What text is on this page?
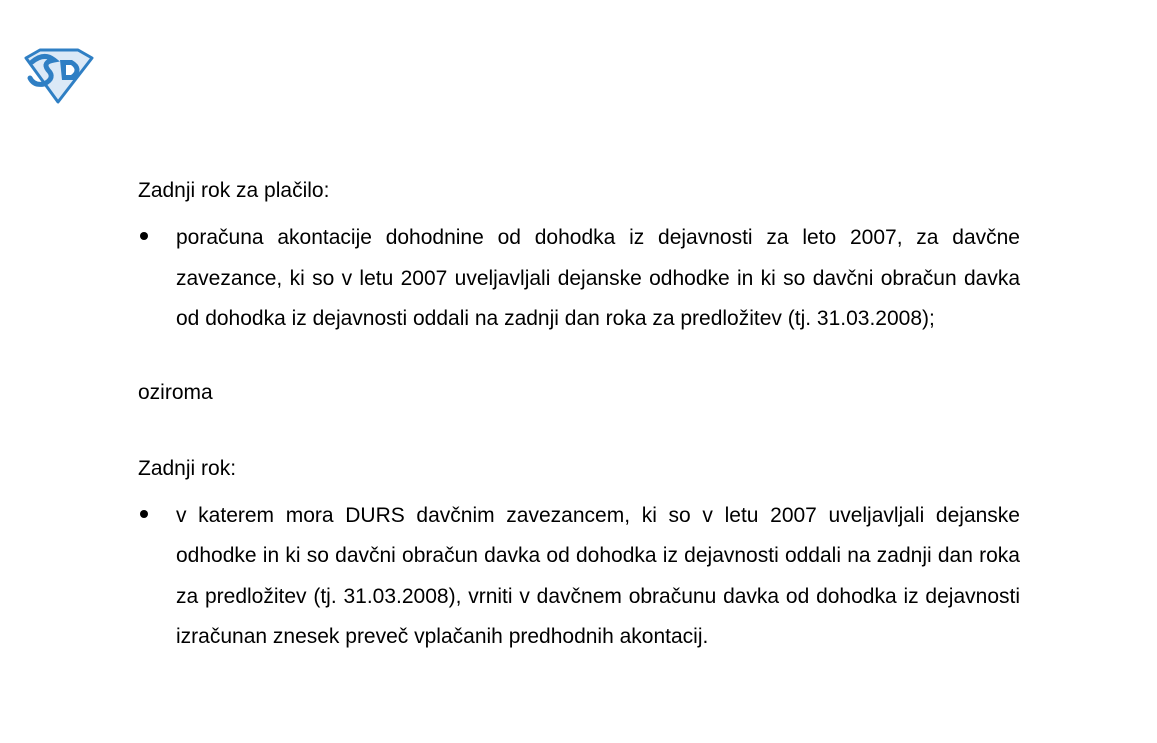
Zadnji rok za plačilo:

poračuna akontacije dohodnine od dohodka iz dejavnosti za leto 2007, za davčne zavezance, ki so v letu 2007 uveljavljali dejanske odhodke in ki so davčni obračun davka od dohodka iz dejavnosti oddali na zadnji dan roka za predložitev (tj. 31.03.2008);

oziroma

Zadnji rok:

v katerem mora DURS davčnim zavezancem, ki so v letu 2007 uveljavljali dejanske odhodke in ki so davčni obračun davka od dohodka iz dejavnosti oddali na zadnji dan roka za predložitev (tj. 31.03.2008), vrniti v davčnem obračunu davka od dohodka iz dejavnosti izračunan znesek preveč vplačanih predhodnih akontacij.
